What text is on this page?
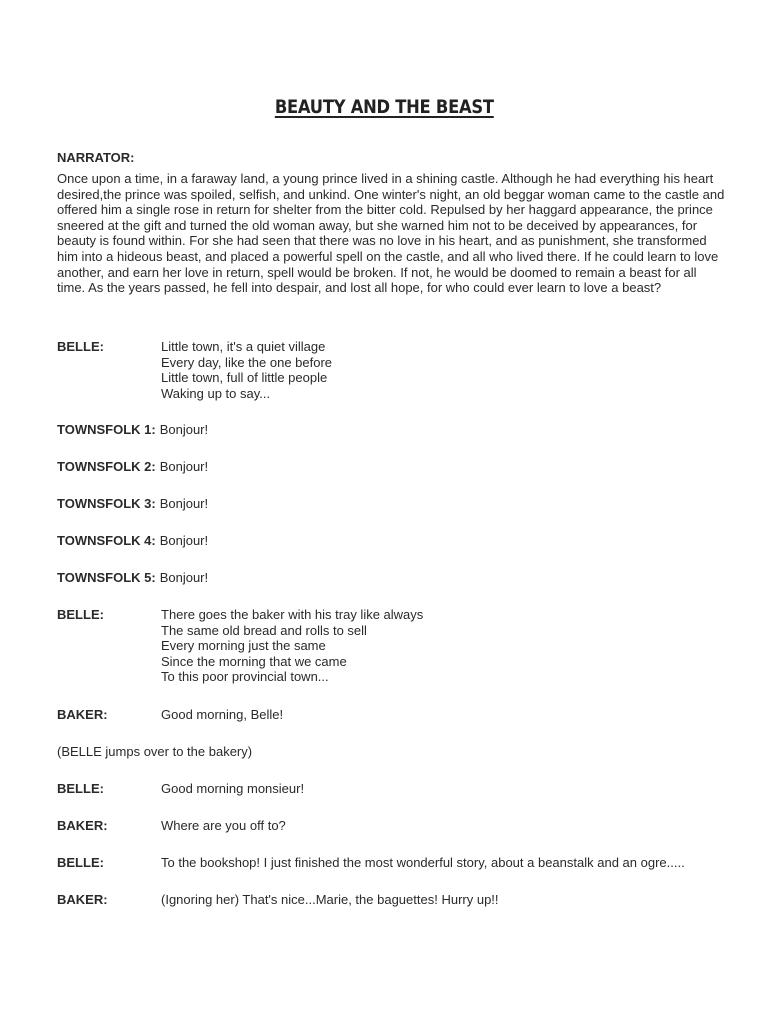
BEAUTY AND THE BEAST
NARRATOR:

Once upon a time, in a faraway land, a young prince lived in a shining castle. Although he had everything his heart desired,the prince was spoiled, selfish, and unkind. One winter's night, an old beggar woman came to the castle and offered him a single rose in return for shelter from the bitter cold. Repulsed by her haggard appearance, the prince sneered at the gift and turned the old woman away, but she warned him not to be deceived by appearances, for beauty is found within. For she had seen that there was no love in his heart, and as punishment, she transformed him into a hideous beast, and placed a powerful spell on the castle, and all who lived there. If he could learn to love another, and earn her love in return, spell would be broken. If not, he would be doomed to remain a beast for all time. As the years passed, he fell into despair, and lost all hope, for who could ever learn to love a beast?

BELLE:	Little town, it's a quiet village
Every day, like the one before
Little town, full of little people
Waking up to say...
TOWNSFOLK 1: Bonjour!
TOWNSFOLK 2: Bonjour!
TOWNSFOLK 3: Bonjour!
TOWNSFOLK 4: Bonjour!
TOWNSFOLK 5: Bonjour!
BELLE:	There goes the baker with his tray like always
The same old bread and rolls to sell
Every morning just the same
Since the morning that we came
To this poor provincial town...
BAKER:	Good morning, Belle!
(BELLE jumps over to the bakery)
BELLE:	Good morning monsieur!
BAKER:	Where are you off to?
BELLE:	To the bookshop! I just finished the most wonderful story, about a beanstalk and an ogre.....
BAKER:	(Ignoring her) That's nice...Marie, the baguettes! Hurry up!!
